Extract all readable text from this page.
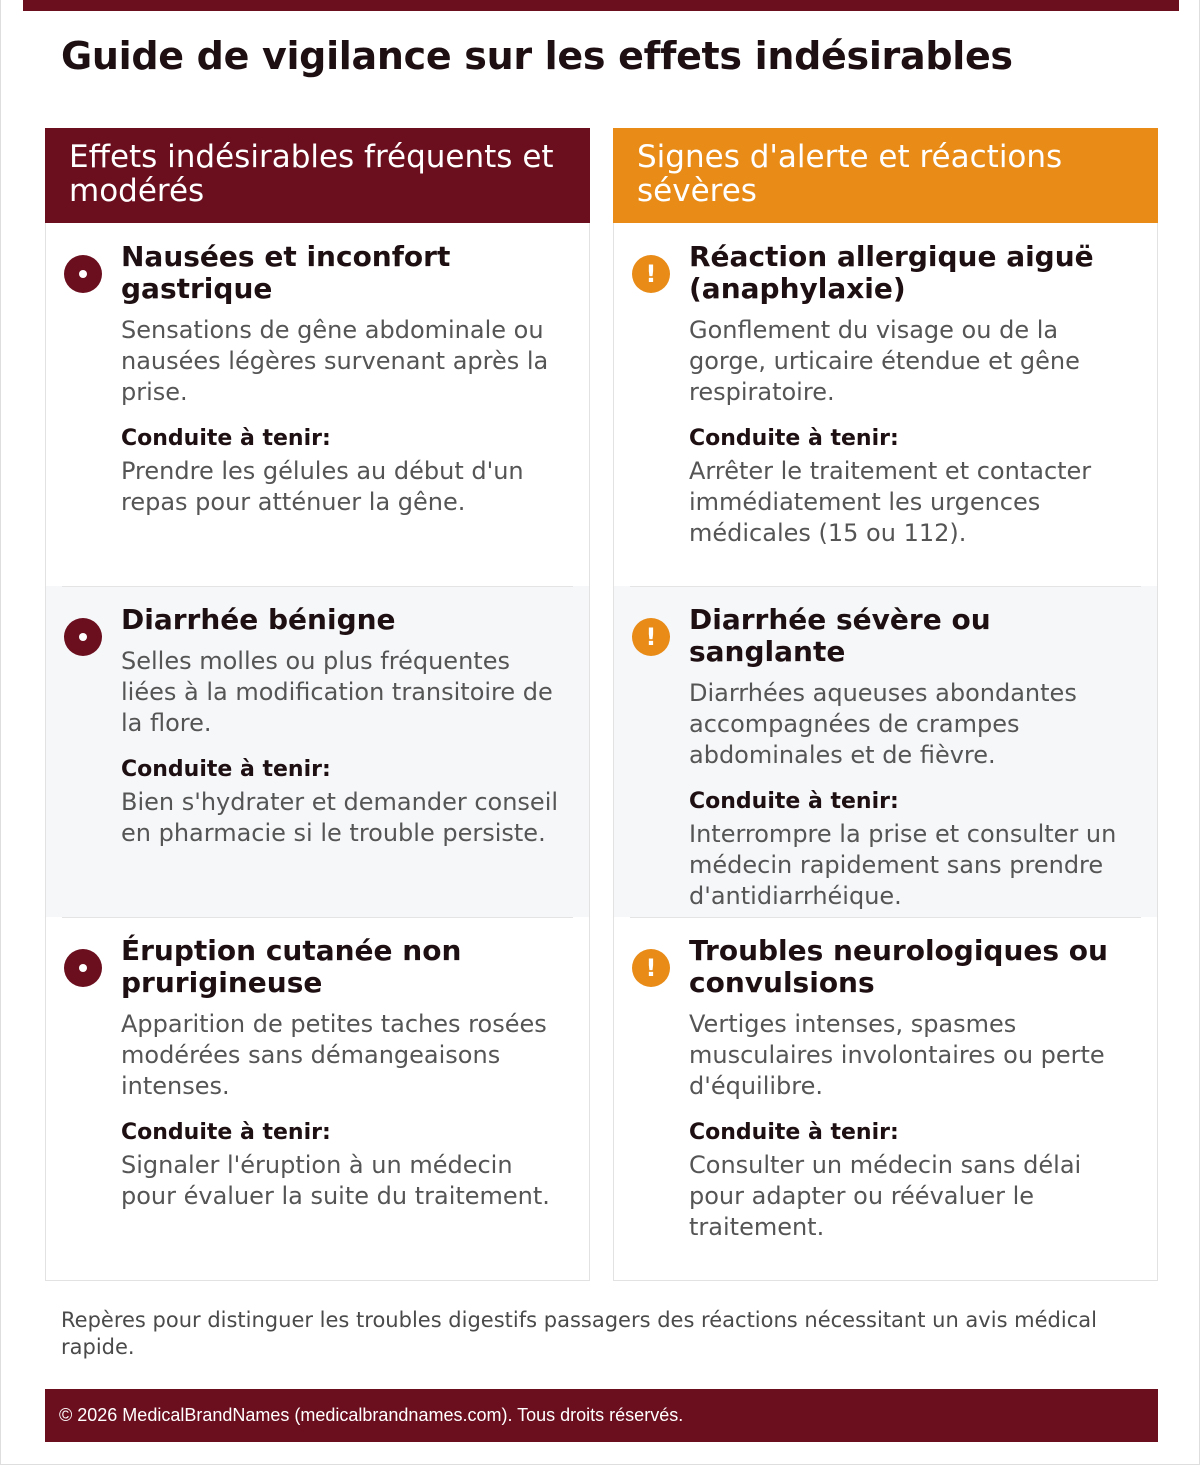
Guide de vigilance sur les effets indésirables
Effets indésirables fréquents et modérés
Nausées et inconfort gastrique
Sensations de gêne abdominale ou nausées légères survenant après la prise.
Conduite à tenir:
Prendre les gélules au début d'un repas pour atténuer la gêne.
Diarrhée bénigne
Selles molles ou plus fréquentes liées à la modification transitoire de la flore.
Conduite à tenir:
Bien s'hydrater et demander conseil en pharmacie si le trouble persiste.
Éruption cutanée non prurigineuse
Apparition de petites taches rosées modérées sans démangeaisons intenses.
Conduite à tenir:
Signaler l'éruption à un médecin pour évaluer la suite du traitement.
Signes d'alerte et réactions sévères
!
Réaction allergique aiguë (anaphylaxie)
Gonflement du visage ou de la gorge, urticaire étendue et gêne respiratoire.
Conduite à tenir:
Arrêter le traitement et contacter immédiatement les urgences médicales (15 ou 112).
!
Diarrhée sévère ou sanglante
Diarrhées aqueuses abondantes accompagnées de crampes abdominales et de fièvre.
Conduite à tenir:
Interrompre la prise et consulter un médecin rapidement sans prendre d'antidiarrhéique.
!
Troubles neurologiques ou convulsions
Vertiges intenses, spasmes musculaires involontaires ou perte d'équilibre.
Conduite à tenir:
Consulter un médecin sans délai pour adapter ou réévaluer le traitement.

Repères pour distinguer les troubles digestifs passagers des réactions nécessitant un avis médical rapide.

© 2026 MedicalBrandNames (medicalbrandnames.com). Tous droits réservés.
